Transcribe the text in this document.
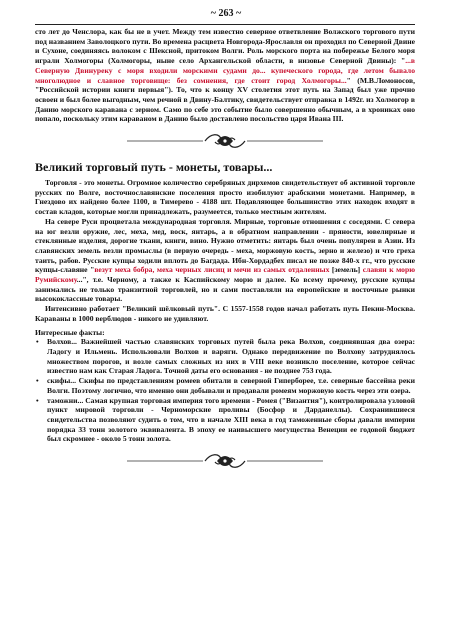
~ 263 ~

сто лет до Ченслора, как бы не в учет. Между тем известно северное ответвление Волжского торгового пути под названием Заволоцкого пути. Во времена расцвета Новгорода-Ярославля он проходил по Северной Двине и Сухоне, соединяясь волоком с Шексной, притоком Волги. Роль морского порта на побережье Белого моря играли Холмогоры (Холмогоры, ныне село Архангельской области, в низовье Северной Двины): "...в Северную Двинуреку с моря входили морскими судами до... купеческого города, где летом бывало многолюдное и славное торговище: без сомнения, где стоит город Холмогоры..." (М.В.Ломоносов, "Российской истории книги первыя"). То, что к концу XV столетия этот путь на Запад был уже прочно освоен и был более выгодным, чем речной в Двину-Балтику, свидетельствует отправка в 1492г. из Холмогор в Данию морского каравана с зерном. Само по себе это событие было совершенно обычным, а в хрониках оно попало, поскольку этим караваном в Данию было доставлено посольство царя Ивана III.

Великий торговый путь - монеты, товары...

Торговля - это монеты. Огромное количество серебряных дирхемов свидетельствует об активной торговле русских по Волге, восточнославянские поселения просто изобилуют арабскими монетами. Например, в Гнездово их найдено более 1100, в Тимерево - 4188 шт. Подавляющее большинство этих находок входят в состав кладов, которые могли принадлежать, разумеется, только местным жителям.

На севере Руси процветала международная торговля. Мирные, торговые отношения с соседями. С севера на юг везли оружие, лес, меха, мед, воск, янтарь, а в обратном направлении - пряности, ювелирные и стеклянные изделия, дорогие ткани, книги, вино. Нужно отметить: янтарь был очень популярен в Азии. Из славянских земель везли промыслы (в первую очередь - меха, моржовую кость, зерно и железо) и что греха таить, рабов. Русские купцы ходили вплоть до Багдада. Ибн-Хордадбех писал не позже 840-х гг., что русские купцы-славяне "везут меха бобра, меха черных лисиц и мечи из самых отдаленных [земель] славян к морю Румийскому...", т.е. Черному, а также к Каспийскому морю и далее. Ко всему прочему, русские купцы занимались не только транзитной торговлей, но и сами поставляли на европейские и восточные рынки высококлассные товары.

Интенсивно работает "Великий шёлковый путь". С 1557-1558 годов начал работать путь Пекин-Москва. Караваны в 1000 верблюдов - никого не удивляют.

Интересные факты:

• Волхов... Важнейшей частью славянских торговых путей была река Волхов, соединявшая два озера: Ладогу и Ильмень. Использовали Волхов и варяги. Однако передвижение по Волхову затруднялось множеством порогов, и возле самых сложных из них в VIII веке возникло поселение, которое сейчас известно нам как Старая Ладога. Точной даты его основания - не позднее 753 года.
• скифы... Скифы по представлениям ромеев обитали в северной Гиперборее, т.е. северные бассейна реки Волги. Поэтому логично, что именно они добывали и продавали ромеям моржовую кость через эти озера.
• таможни... Самая крупная торговая империя того времени - Ромея ("Византия"), контролировала узловой пункт мировой торговли - Черноморские проливы (Босфор и Дарданеллы). Сохранившиеся свидетельства позволяют судить о том, что в начале XIII века в год таможенные сборы давали империи порядка 33 тонн золотого эквивалента. В эпоху ее наивысшего могущества Венеции ее годовой бюджет был скромнее - около 5 тонн золота.
